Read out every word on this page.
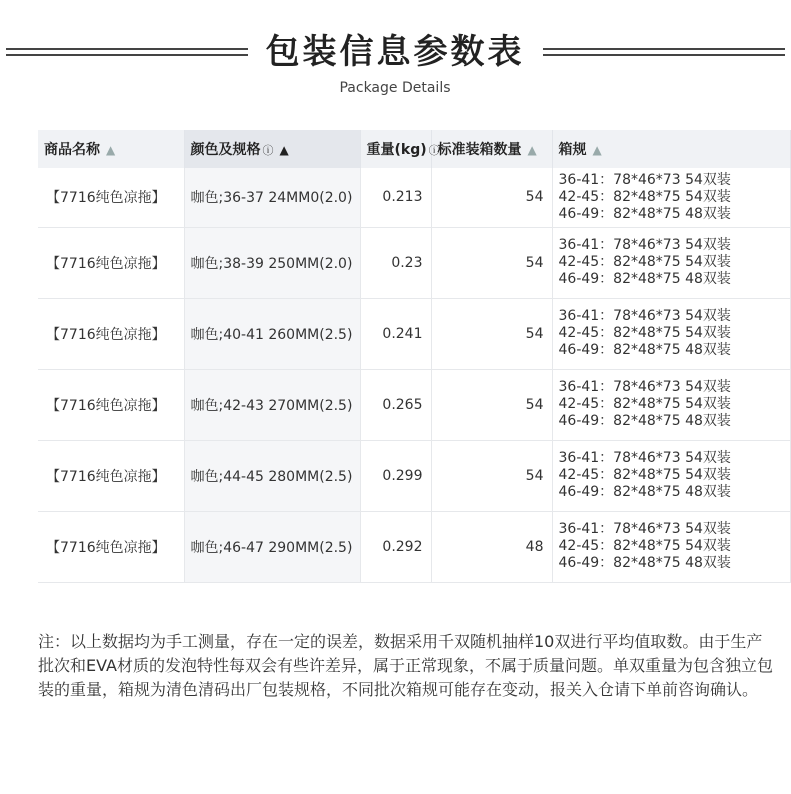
包装信息参数表
Package Details
商品名称 ▲	颜色及规格 ⓘ ▲	重量(kg) ⓘ	标准装箱数量 ▲	箱规 ▲
【7716纯色凉拖】	咖色;36-37 24MM0(2.0)	0.213	54	36-41：78*46*73 54双装
42-45：82*48*75 54双装
46-49：82*48*75 48双装

【7716纯色凉拖】	咖色;38-39 250MM(2.0)	0.23	54	36-41：78*46*73 54双装
42-45：82*48*75 54双装
46-49：82*48*75 48双装

【7716纯色凉拖】	咖色;40-41 260MM(2.5)	0.241	54	36-41：78*46*73 54双装
42-45：82*48*75 54双装
46-49：82*48*75 48双装

【7716纯色凉拖】	咖色;42-43 270MM(2.5)	0.265	54	36-41：78*46*73 54双装
42-45：82*48*75 54双装
46-49：82*48*75 48双装

【7716纯色凉拖】	咖色;44-45 280MM(2.5)	0.299	54	36-41：78*46*73 54双装
42-45：82*48*75 54双装
46-49：82*48*75 48双装

【7716纯色凉拖】	咖色;46-47 290MM(2.5)	0.292	48	36-41：78*46*73 54双装
42-45：82*48*75 54双装
46-49：82*48*75 48双装
注：以上数据均为手工测量，存在一定的误差，数据采用千双随机抽样10双进行平均值取数。由于生产批次和EVA材质的发泡特性每双会有些许差异，属于正常现象，不属于质量问题。单双重量为包含独立包装的重量，箱规为清色清码出厂包装规格，不同批次箱规可能存在变动，报关入仓请下单前咨询确认。
